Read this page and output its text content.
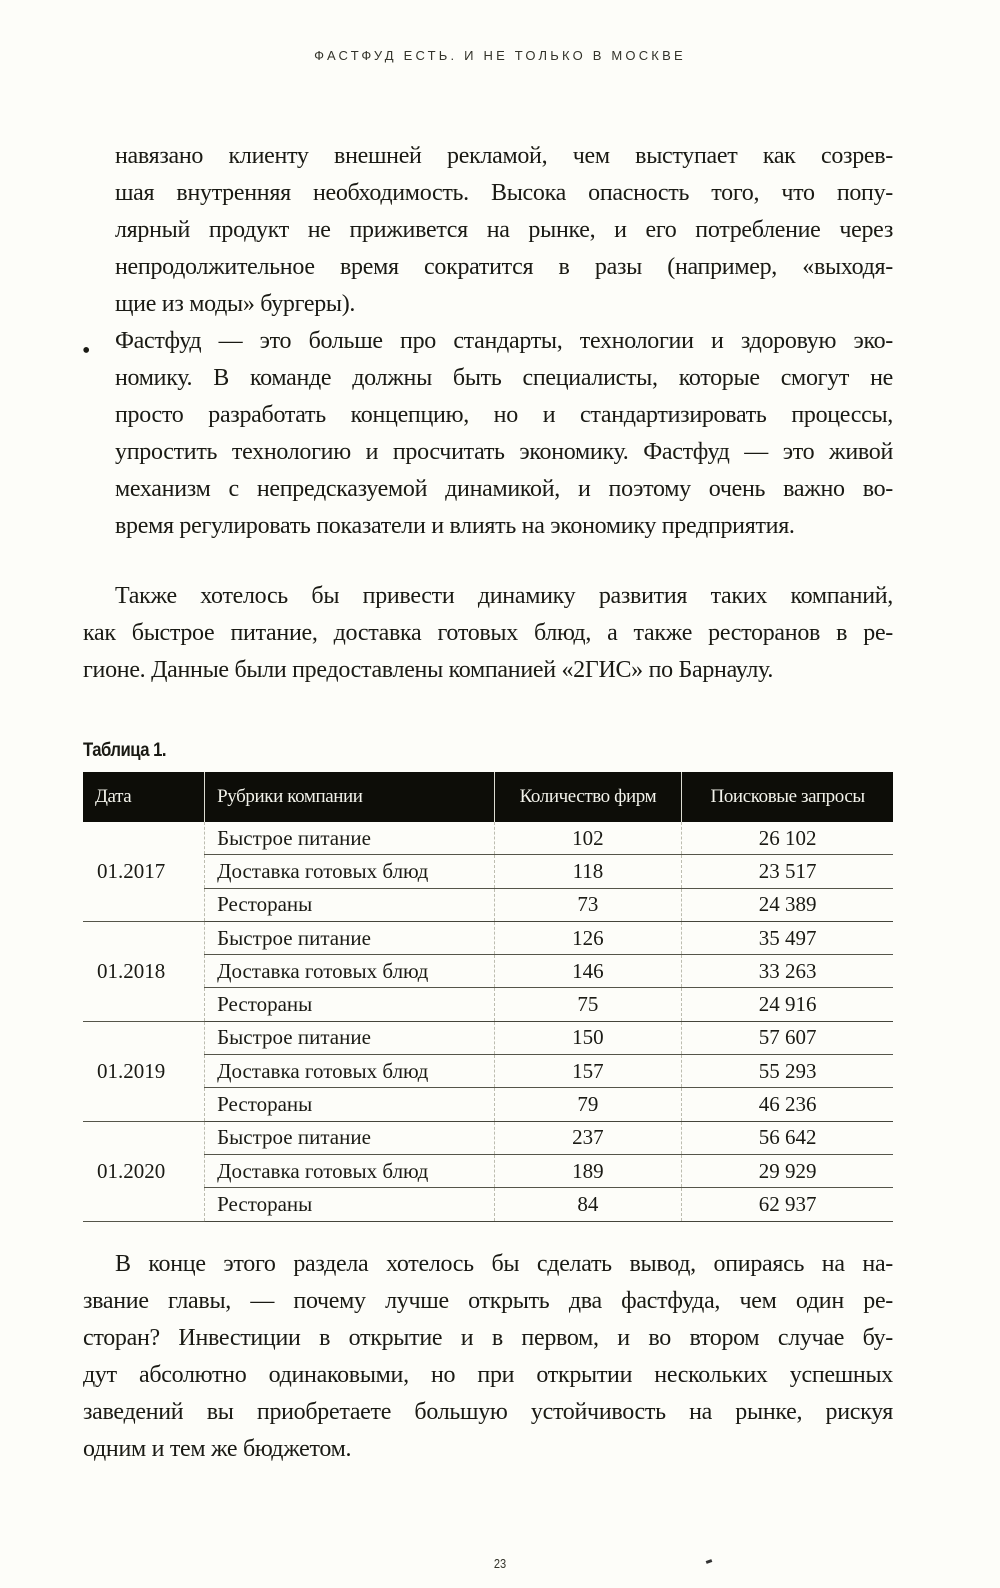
ФАСТФУД ЕСТЬ. И НЕ ТОЛЬКО В МОСКВЕ
навязано клиенту внешней рекламой, чем выступает как созрев-
шая внутренняя необходимость. Высока опасность того, что попу-
лярный продукт не приживется на рынке, и его потребление через
непродолжительное время сократится в разы (например, «выходя-
щие из моды» бургеры).
• Фастфуд — это больше про стандарты, технологии и здоровую эко-
номику. В команде должны быть специалисты, которые смогут не
просто разработать концепцию, но и стандартизировать процессы,
упростить технологию и просчитать экономику. Фастфуд — это живой
механизм с непредсказуемой динамикой, и поэтому очень важно во-
время регулировать показатели и влиять на экономику предприятия.
Также хотелось бы привести динамику развития таких компаний,
как быстрое питание, доставка готовых блюд, а также ресторанов в ре-
гионе. Данные были предоставлены компанией «2ГИС» по Барнаулу.
Таблица 1.
Дата	Рубрики компании	Количество фирм	Поисковые запросы
01.2017	Быстрое питание	102	26 102
	Доставка готовых блюд	118	23 517
	Рестораны	73	24 389
01.2018	Быстрое питание	126	35 497
	Доставка готовых блюд	146	33 263
	Рестораны	75	24 916
01.2019	Быстрое питание	150	57 607
	Доставка готовых блюд	157	55 293
	Рестораны	79	46 236
01.2020	Быстрое питание	237	56 642
	Доставка готовых блюд	189	29 929
	Рестораны	84	62 937
В конце этого раздела хотелось бы сделать вывод, опираясь на на-
звание главы, — почему лучше открыть два фастфуда, чем один ре-
сторан? Инвестиции в открытие и в первом, и во втором случае бу-
дут абсолютно одинаковыми, но при открытии нескольких успешных
заведений вы приобретаете большую устойчивость на рынке, рискуя
одним и тем же бюджетом.
23
